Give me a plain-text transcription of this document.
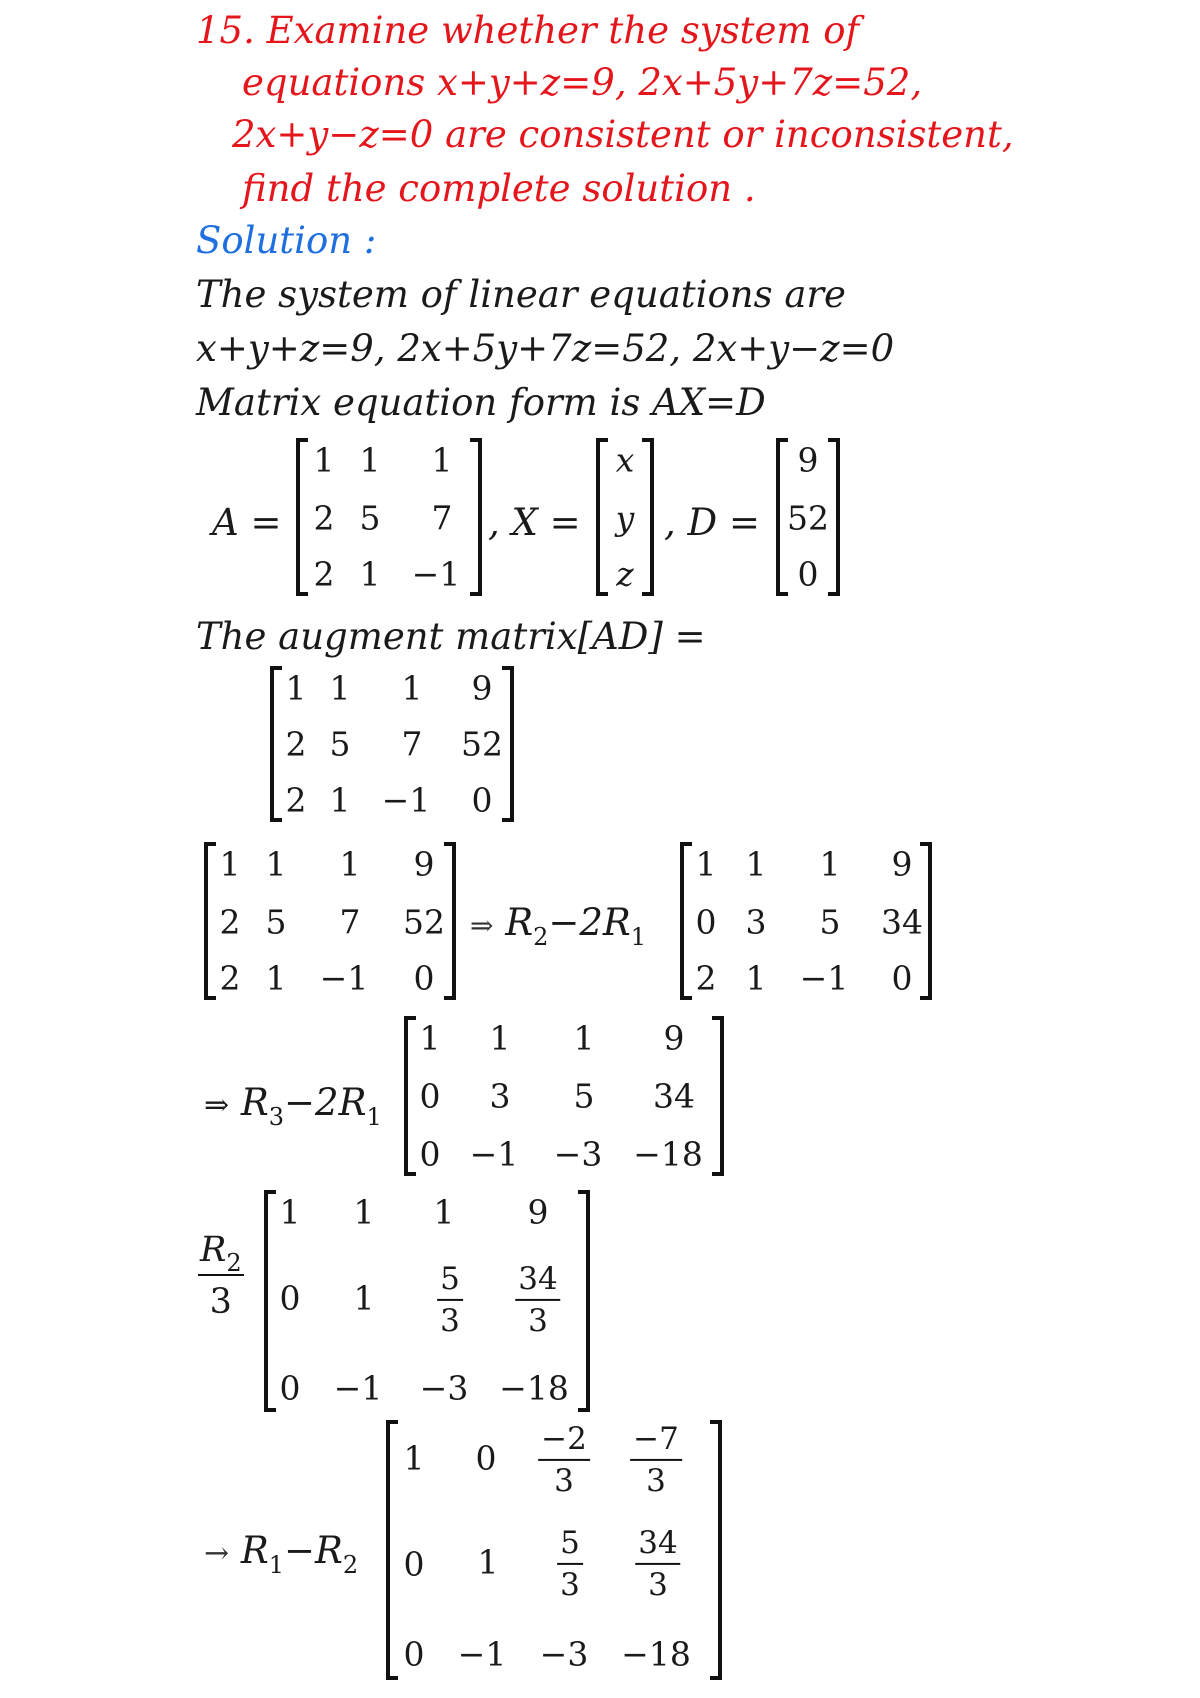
15. Examine whether the system of
equations x+y+z=9, 2x+5y+7z=52,
2x+y−z=0 are consistent or inconsistent,
find the complete solution .
Solution :
The system of linear equations are
x+y+z=9, 2x+5y+7z=52, 2x+y−z=0
Matrix equation form is AX=D
A =
1 1 1
2 5 7
2 1 −1
, X =
x
y
z
, D =
9
52
0
The augment matrix[AD] =
1 1 1 9
2 5 7 52
2 1 −1 0
1 1 1 9
2 5 7 52
2 1 −1 0
⇒ $R_2-2R_1$
1 1 1 9
0 3 5 34
2 1 −1 0
⇒ $R_3-2R_1$
1 1 1 9
0 3 5 34
0 −1 −3 −18
$\frac{R_2}{3}$
1 1 1 9
0 $1 \frac{5}{3} \frac{34}{3}$
0 −1 −3 −18
→ $R_1-R_2$
1 $0 \frac{-2}{3} \frac{-7}{3}$
0 $1 \frac{5}{3} \frac{34}{3}$
0 −1 −3 −18
